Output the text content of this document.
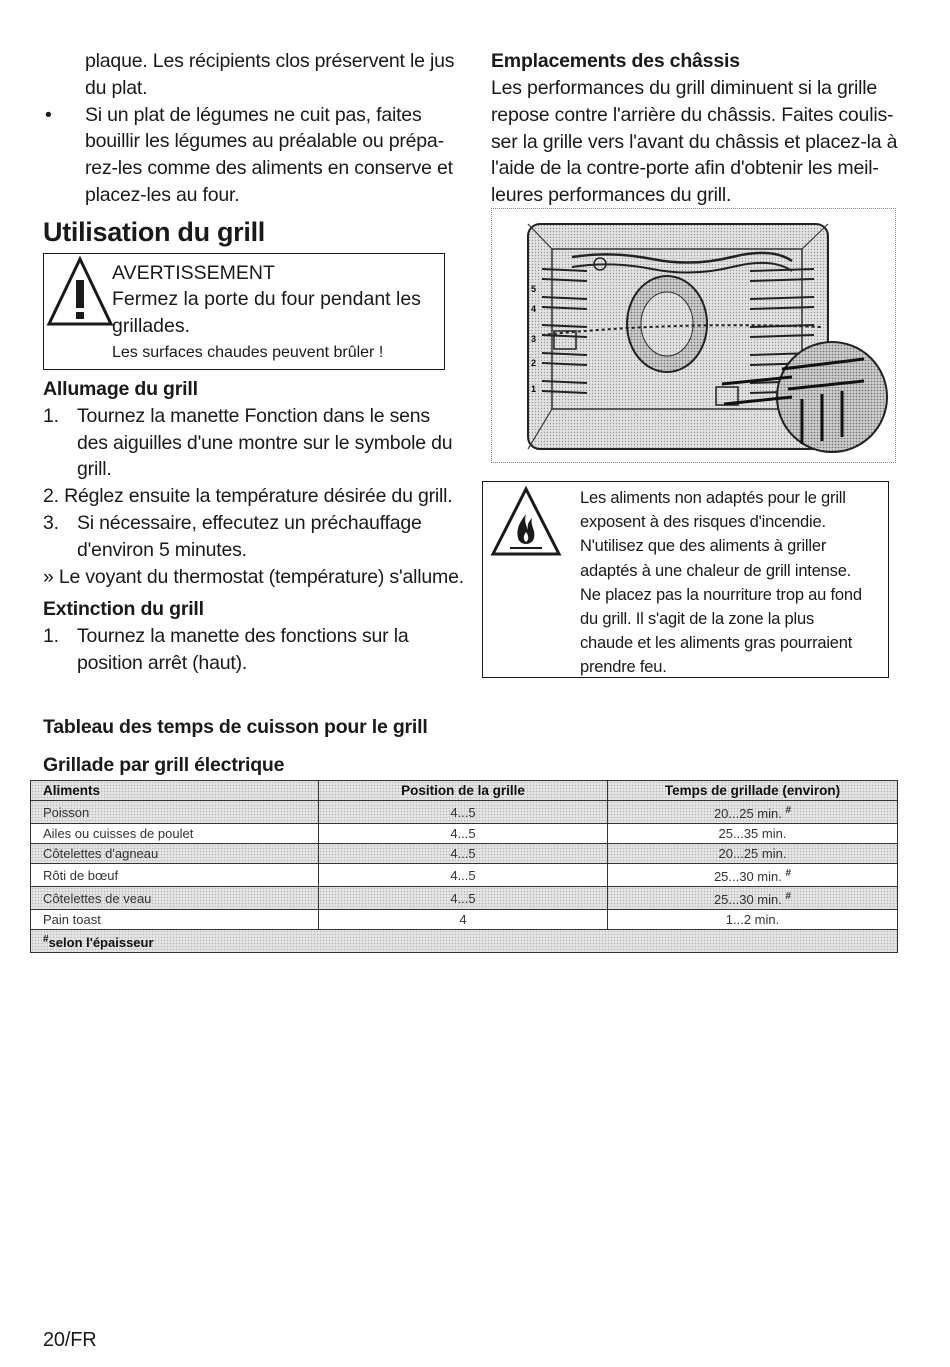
plaque. Les récipients clos préservent le jus
du plat.
• Si un plat de légumes ne cuit pas, faites
bouillir les légumes au préalable ou prépa-
rez-les comme des aliments en conserve et
placez-les au four.
Utilisation du grill
AVERTISSEMENT
Fermez la porte du four pendant les
grillades.
Les surfaces chaudes peuvent brûler !
Allumage du grill
1. Tournez la manette Fonction dans le sens
des aiguilles d'une montre sur le symbole du
grill.
2. Réglez ensuite la température désirée du grill.
3. Si nécessaire, effecutez un préchauffage
d'environ 5 minutes.
» Le voyant du thermostat (température) s'allume.
Extinction du grill
1. Tournez la manette des fonctions sur la
position arrêt (haut).
Emplacements des châssis
Les performances du grill diminuent si la grille
repose contre l'arrière du châssis. Faites coulis-
ser la grille vers l'avant du châssis et placez-la à
l'aide de la contre-porte afin d'obtenir les meil-
leures performances du grill.
5
4
3
2
1
Les aliments non adaptés pour le grill
exposent à des risques d'incendie.
N'utilisez que des aliments à griller
adaptés à une chaleur de grill intense.
Ne placez pas la nourriture trop au fond
du grill. Il s'agit de la zone la plus
chaude et les aliments gras pourraient
prendre feu.
Tableau des temps de cuisson pour le grill
Grillade par grill électrique
Aliments	Position de la grille	Temps de grillade (environ)
Poisson	4...5	20...25 min. #
Ailes ou cuisses de poulet	4...5	25...35 min.
Côtelettes d'agneau	4...5	20...25 min.
Rôti de bœuf	4...5	25...30 min. #
Côtelettes de veau	4...5	25...30 min. #
Pain toast	4	1...2 min.
#selon l'épaisseur		
20/FR
